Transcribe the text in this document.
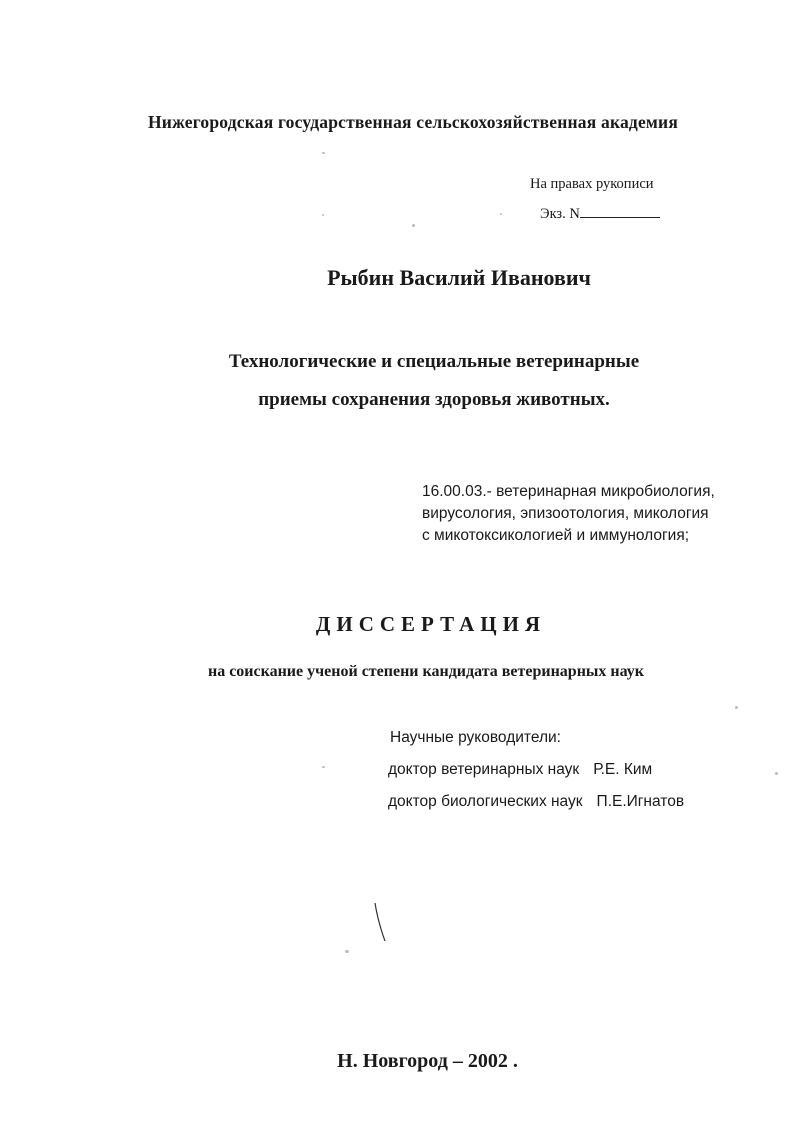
Нижегородская государственная сельскохозяйственная академия
На правах рукописи
Экз. N
Рыбин Василий Иванович
Технологические и специальные ветеринарные
приемы сохранения здоровья животных.
16.00.03.- ветеринарная микробиология,
вирусология, эпизоотология, микология
с микотоксикологией и иммунология;
ДИССЕРТАЦИЯ
на соискание ученой степени кандидата ветеринарных наук
Научные руководители:
доктор ветеринарных наук Р.Е. Ким
доктор биологических наук П.Е.Игнатов
Н. Новгород – 2002 .
